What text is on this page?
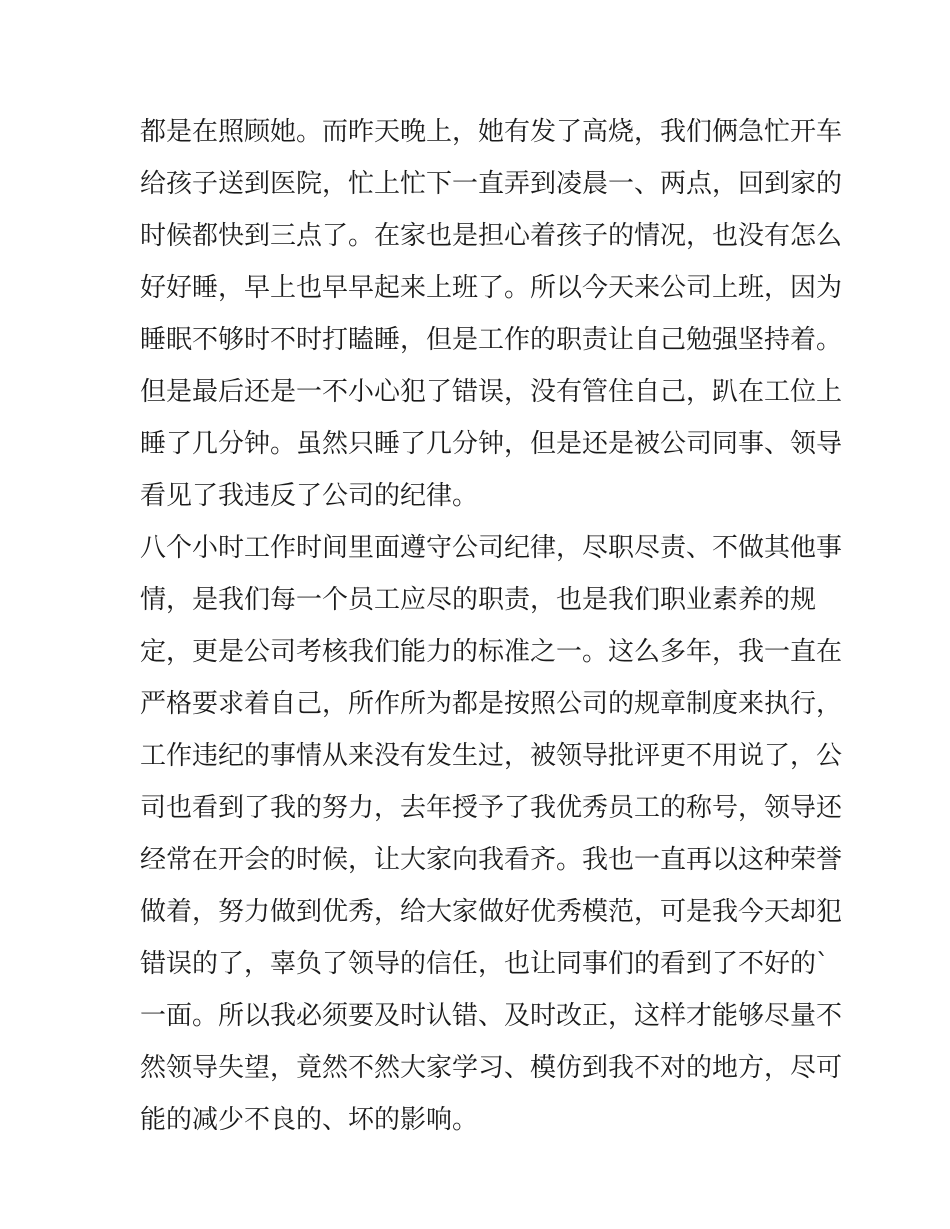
都是在照顾她。而昨天晚上，她有发了高烧，我们俩急忙开车
给孩子送到医院，忙上忙下一直弄到凌晨一、两点，回到家的
时候都快到三点了。在家也是担心着孩子的情况，也没有怎么
好好睡，早上也早早起来上班了。所以今天来公司上班，因为
睡眠不够时不时打瞌睡，但是工作的职责让自己勉强坚持着。
但是最后还是一不小心犯了错误，没有管住自己，趴在工位上
睡了几分钟。虽然只睡了几分钟，但是还是被公司同事、领导
看见了我违反了公司的纪律。
八个小时工作时间里面遵守公司纪律，尽职尽责、不做其他事
情，是我们每一个员工应尽的职责，也是我们职业素养的规
定，更是公司考核我们能力的标准之一。这么多年，我一直在
严格要求着自己，所作所为都是按照公司的规章制度来执行，
工作违纪的事情从来没有发生过，被领导批评更不用说了，公
司也看到了我的努力，去年授予了我优秀员工的称号，领导还
经常在开会的时候，让大家向我看齐。我也一直再以这种荣誉
做着，努力做到优秀，给大家做好优秀模范，可是我今天却犯
错误的了，辜负了领导的信任，也让同事们的看到了不好的`
一面。所以我必须要及时认错、及时改正，这样才能够尽量不
然领导失望，竟然不然大家学习、模仿到我不对的地方，尽可
能的减少不良的、坏的影响。
